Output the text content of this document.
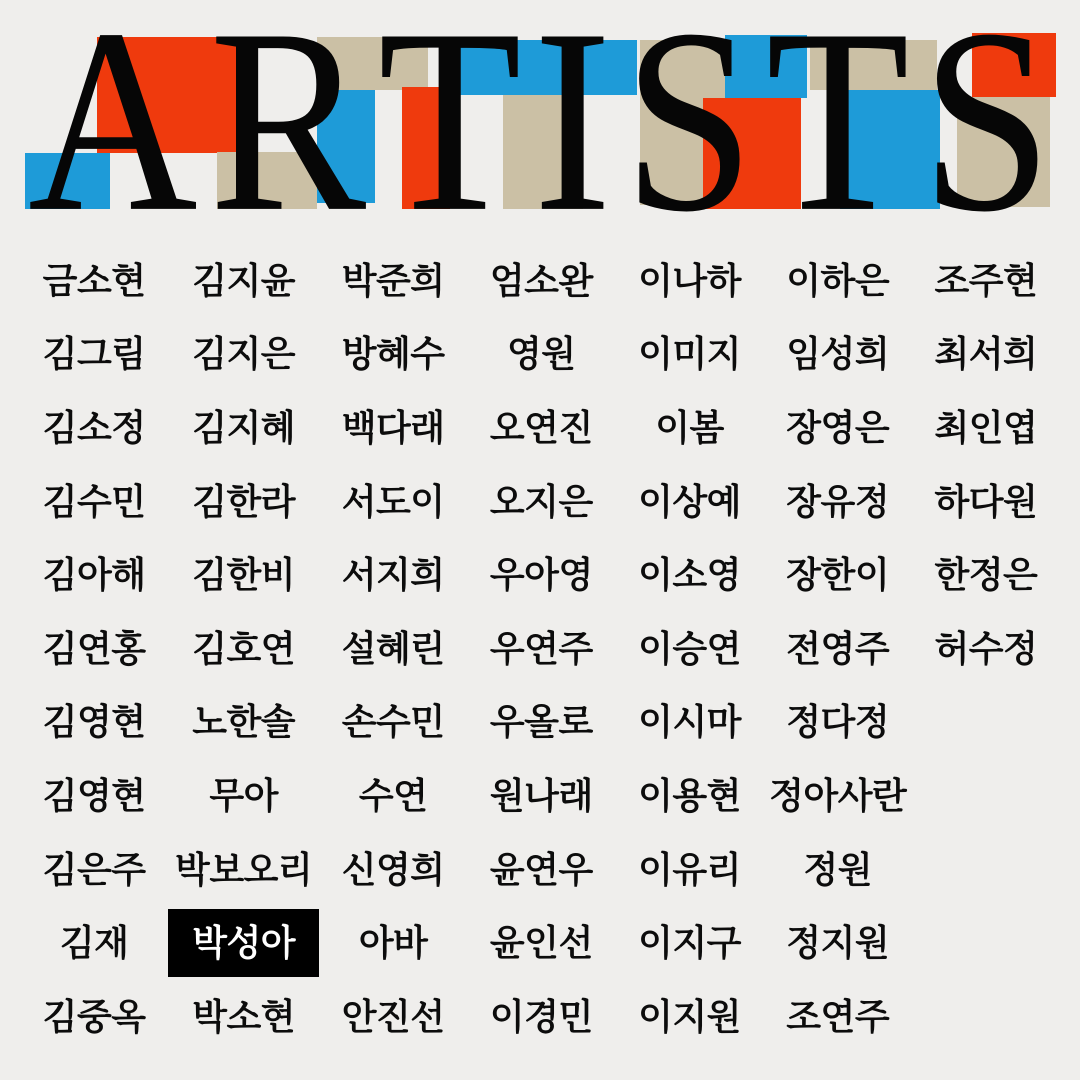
A R T I S T S
금소현
김그림
김소정
김수민
김아해
김연홍
김영현
김영현
김은주
김재
김중옥
김지윤
김지은
김지혜
김한라
김한비
김호연
노한솔
무아
박보오리
박성아
박소현
박준희
방혜수
백다래
서도이
서지희
설혜린
손수민
수연
신영희
아바
안진선
엄소완
영원
오연진
오지은
우아영
우연주
우올로
원나래
윤연우
윤인선
이경민
이나하
이미지
이봄
이상예
이소영
이승연
이시마
이용현
이유리
이지구
이지원
이하은
임성희
장영은
장유정
장한이
전영주
정다정
정아사란
정원
정지원
조연주
조주현
최서희
최인엽
하다원
한정은
허수정
